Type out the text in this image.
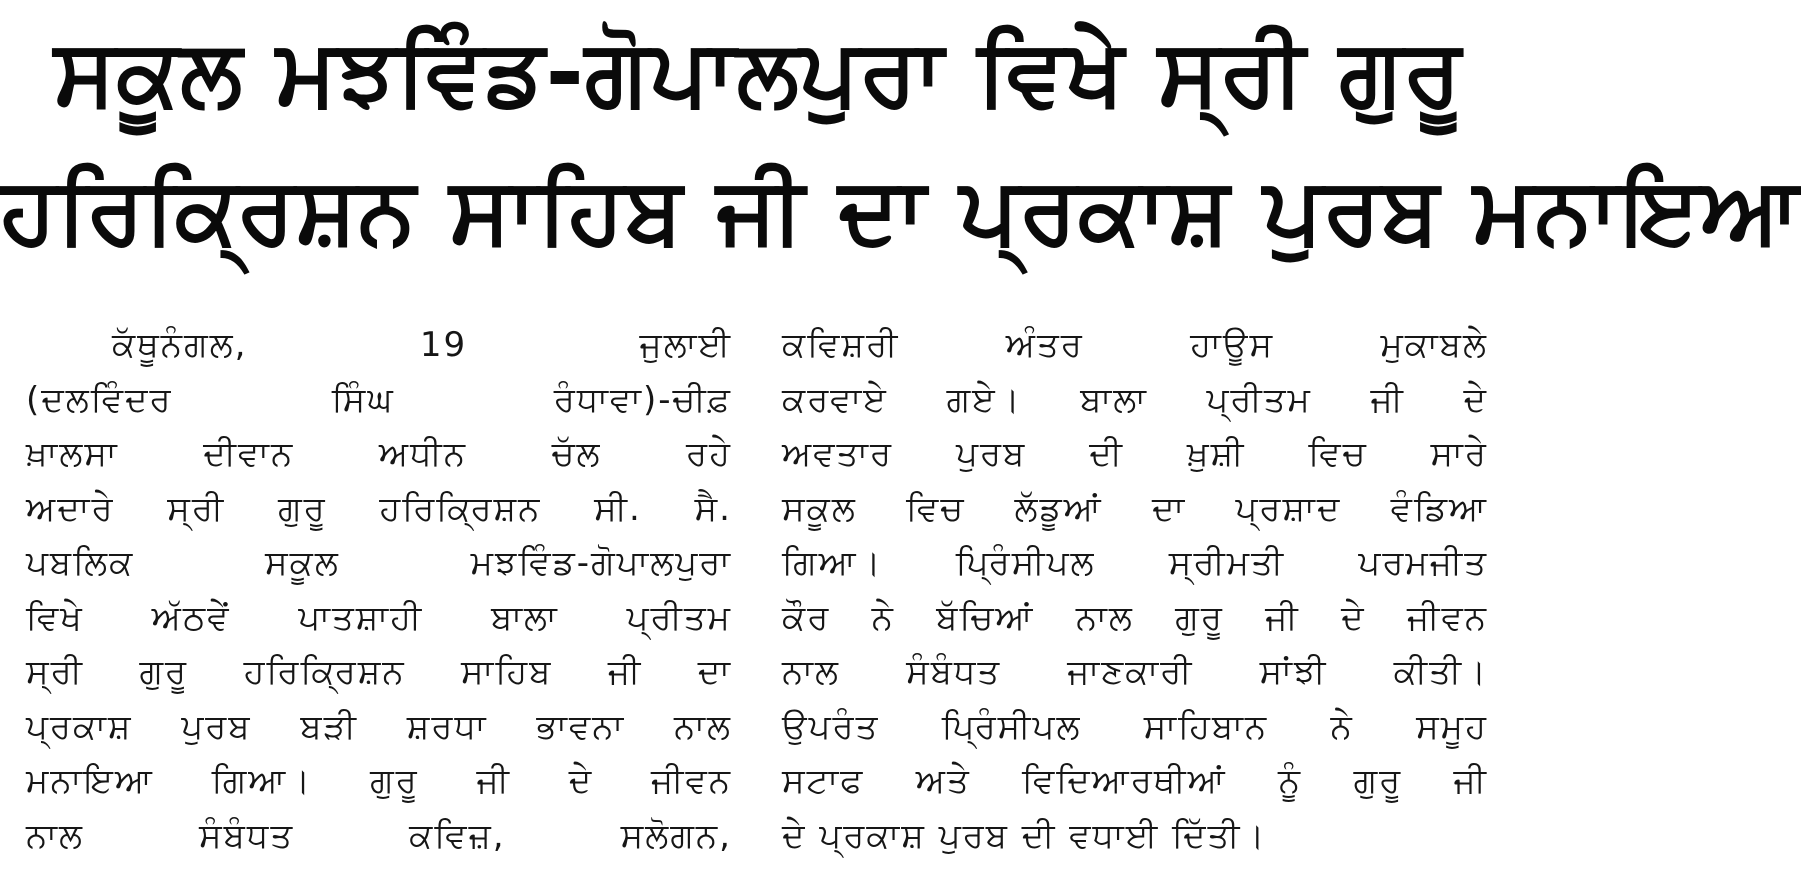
ਸਕੂਲ ਮਝਵਿੰਡ-ਗੋਪਾਲਪੁਰਾ ਵਿਖੇ ਸ੍ਰੀ ਗੁਰੂ
ਹਰਿਕ੍ਰਿਸ਼ਨ ਸਾਹਿਬ ਜੀ ਦਾ ਪ੍ਰਕਾਸ਼ ਪੁਰਬ ਮਨਾਇਆ
ਕੱਥੂਨੰਗਲ, 19 ਜੁਲਾਈ
(ਦਲਵਿੰਦਰ ਸਿੰਘ ਰੰਧਾਵਾ)-ਚੀਫ਼
ਖ਼ਾਲਸਾ ਦੀਵਾਨ ਅਧੀਨ ਚੱਲ ਰਹੇ
ਅਦਾਰੇ ਸ੍ਰੀ ਗੁਰੂ ਹਰਿਕ੍ਰਿਸ਼ਨ ਸੀ. ਸੈ.
ਪਬਲਿਕ ਸਕੂਲ ਮਝਵਿੰਡ-ਗੋਪਾਲਪੁਰਾ
ਵਿਖੇ ਅੱਠਵੇਂ ਪਾਤਸ਼ਾਹੀ ਬਾਲਾ ਪ੍ਰੀਤਮ
ਸ੍ਰੀ ਗੁਰੂ ਹਰਿਕ੍ਰਿਸ਼ਨ ਸਾਹਿਬ ਜੀ ਦਾ
ਪ੍ਰਕਾਸ਼ ਪੁਰਬ ਬੜੀ ਸ਼ਰਧਾ ਭਾਵਨਾ ਨਾਲ
ਮਨਾਇਆ ਗਿਆ। ਗੁਰੂ ਜੀ ਦੇ ਜੀਵਨ
ਨਾਲ ਸੰਬੰਧਤ ਕਵਿਜ਼, ਸਲੋਗਨ,
ਕਵਿਸ਼ਰੀ ਅੰਤਰ ਹਾਊਸ ਮੁਕਾਬਲੇ
ਕਰਵਾਏ ਗਏ। ਬਾਲਾ ਪ੍ਰੀਤਮ ਜੀ ਦੇ
ਅਵਤਾਰ ਪੁਰਬ ਦੀ ਖ਼ੁਸ਼ੀ ਵਿਚ ਸਾਰੇ
ਸਕੂਲ ਵਿਚ ਲੱਡੂਆਂ ਦਾ ਪ੍ਰਸ਼ਾਦ ਵੰਡਿਆ
ਗਿਆ। ਪ੍ਰਿੰਸੀਪਲ ਸ੍ਰੀਮਤੀ ਪਰਮਜੀਤ
ਕੌਰ ਨੇ ਬੱਚਿਆਂ ਨਾਲ ਗੁਰੂ ਜੀ ਦੇ ਜੀਵਨ
ਨਾਲ ਸੰਬੰਧਤ ਜਾਣਕਾਰੀ ਸਾਂਝੀ ਕੀਤੀ।
ਉਪਰੰਤ ਪ੍ਰਿੰਸੀਪਲ ਸਾਹਿਬਾਨ ਨੇ ਸਮੂਹ
ਸਟਾਫ ਅਤੇ ਵਿਦਿਆਰਥੀਆਂ ਨੂੰ ਗੁਰੂ ਜੀ
ਦੇ ਪ੍ਰਕਾਸ਼ ਪੁਰਬ ਦੀ ਵਧਾਈ ਦਿੱਤੀ।
